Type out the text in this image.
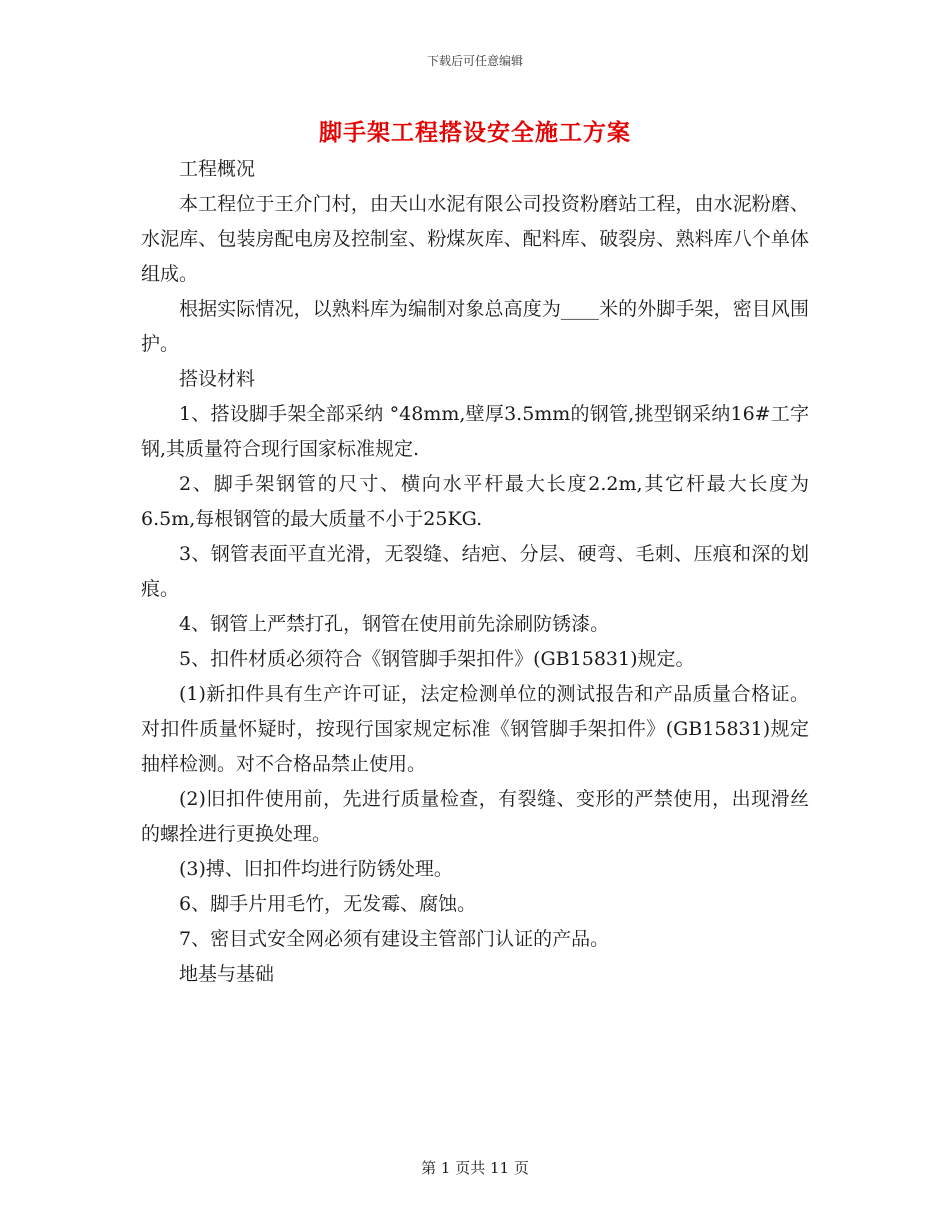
下载后可任意编辑
脚手架工程搭设安全施工方案

工程概况

本工程位于王介门村，由天山水泥有限公司投资粉磨站工程，由水泥粉磨、水泥库、包装房配电房及控制室、粉煤灰库、配料库、破裂房、熟料库八个单体组成。

根据实际情况，以熟料库为编制对象总高度为____米的外脚手架，密目风围护。

搭设材料

1、搭设脚手架全部采纳 °48mm,壁厚3.5mm的钢管,挑型钢采纳16#工字钢,其质量符合现行国家标准规定.

2、脚手架钢管的尺寸、横向水平杆最大长度2.2m,其它杆最大长度为6.5m,每根钢管的最大质量不小于25KG.

3、钢管表面平直光滑，无裂缝、结疤、分层、硬弯、毛刺、压痕和深的划痕。

4、钢管上严禁打孔，钢管在使用前先涂刷防锈漆。

5、扣件材质必须符合《钢管脚手架扣件》(GB15831)规定。

(1)新扣件具有生产许可证，法定检测单位的测试报告和产品质量合格证。对扣件质量怀疑时，按现行国家规定标准《钢管脚手架扣件》(GB15831)规定抽样检测。对不合格品禁止使用。

(2)旧扣件使用前，先进行质量检查，有裂缝、变形的严禁使用，出现滑丝的螺拴进行更换处理。

(3)搏、旧扣件均进行防锈处理。

6、脚手片用毛竹，无发霉、腐蚀。

7、密目式安全网必须有建设主管部门认证的产品。

地基与基础

第 1 页共 11 页
